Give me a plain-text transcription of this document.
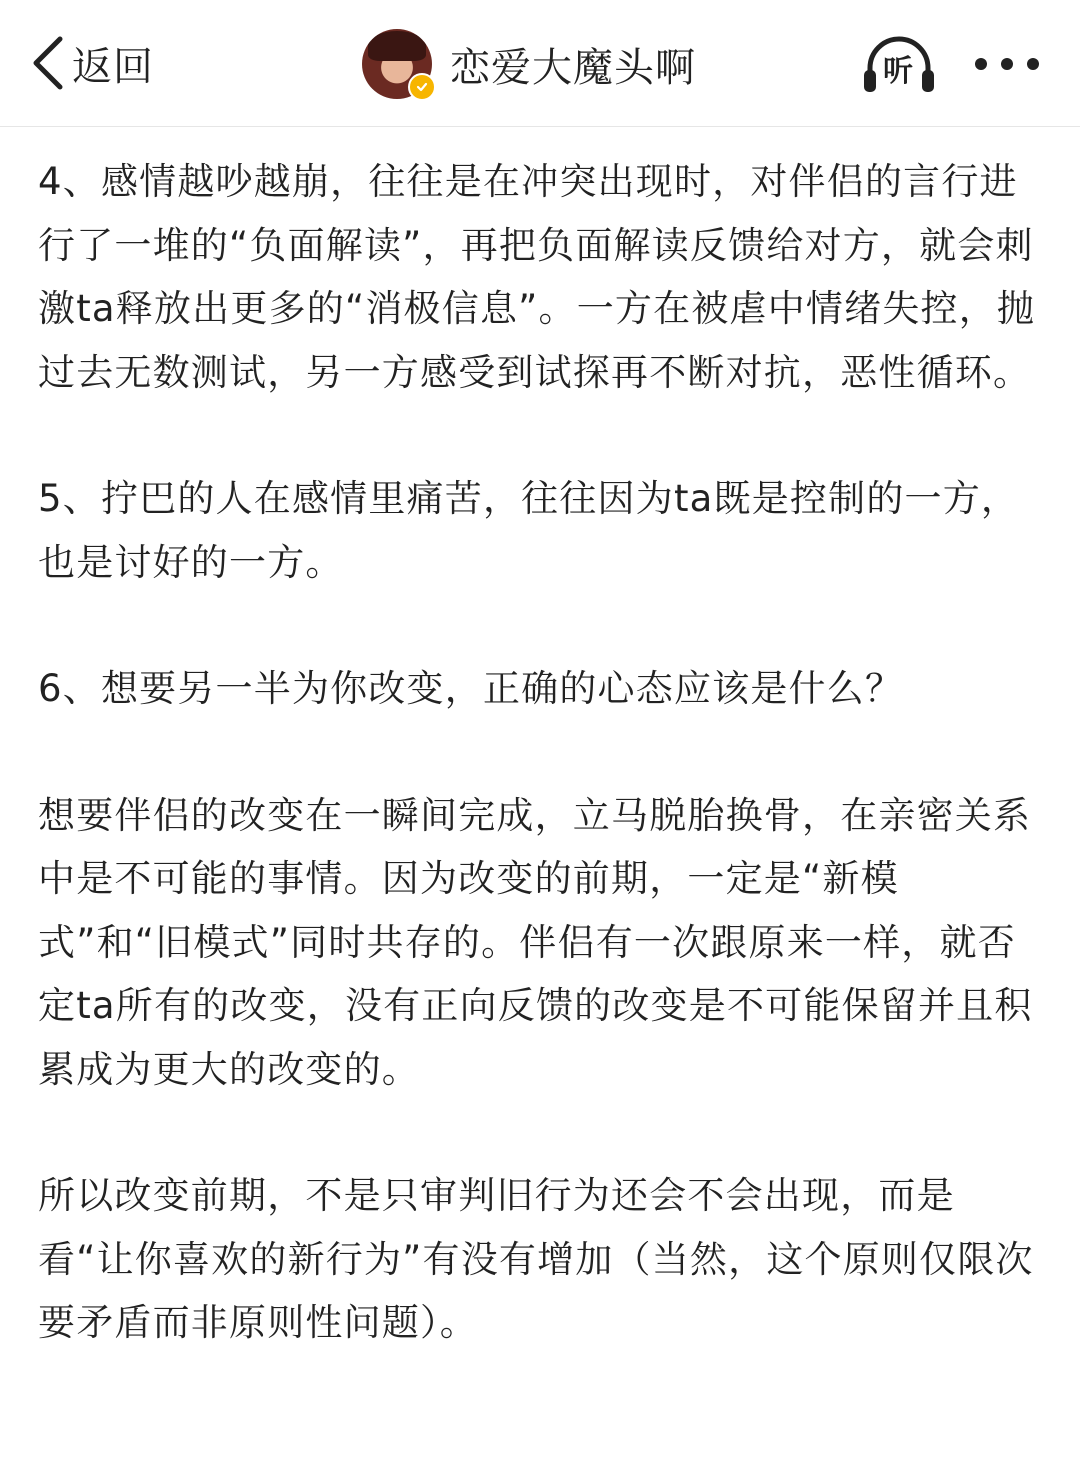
返回	恋爱大魔头啊	听

4、感情越吵越崩，往往是在冲突出现时，对伴侣的言行进行了一堆的“负面解读”，再把负面解读反馈给对方，就会刺激ta释放出更多的“消极信息”。一方在被虐中情绪失控，抛过去无数测试，另一方感受到试探再不断对抗，恶性循环。

5、拧巴的人在感情里痛苦，往往因为ta既是控制的一方，也是讨好的一方。

6、想要另一半为你改变，正确的心态应该是什么？

想要伴侣的改变在一瞬间完成，立马脱胎换骨，在亲密关系中是不可能的事情。因为改变的前期，一定是“新模式”和“旧模式”同时共存的。伴侣有一次跟原来一样，就否定ta所有的改变，没有正向反馈的改变是不可能保留并且积累成为更大的改变的。

所以改变前期，不是只审判旧行为还会不会出现，而是看“让你喜欢的新行为”有没有增加（当然，这个原则仅限次要矛盾而非原则性问题）。
